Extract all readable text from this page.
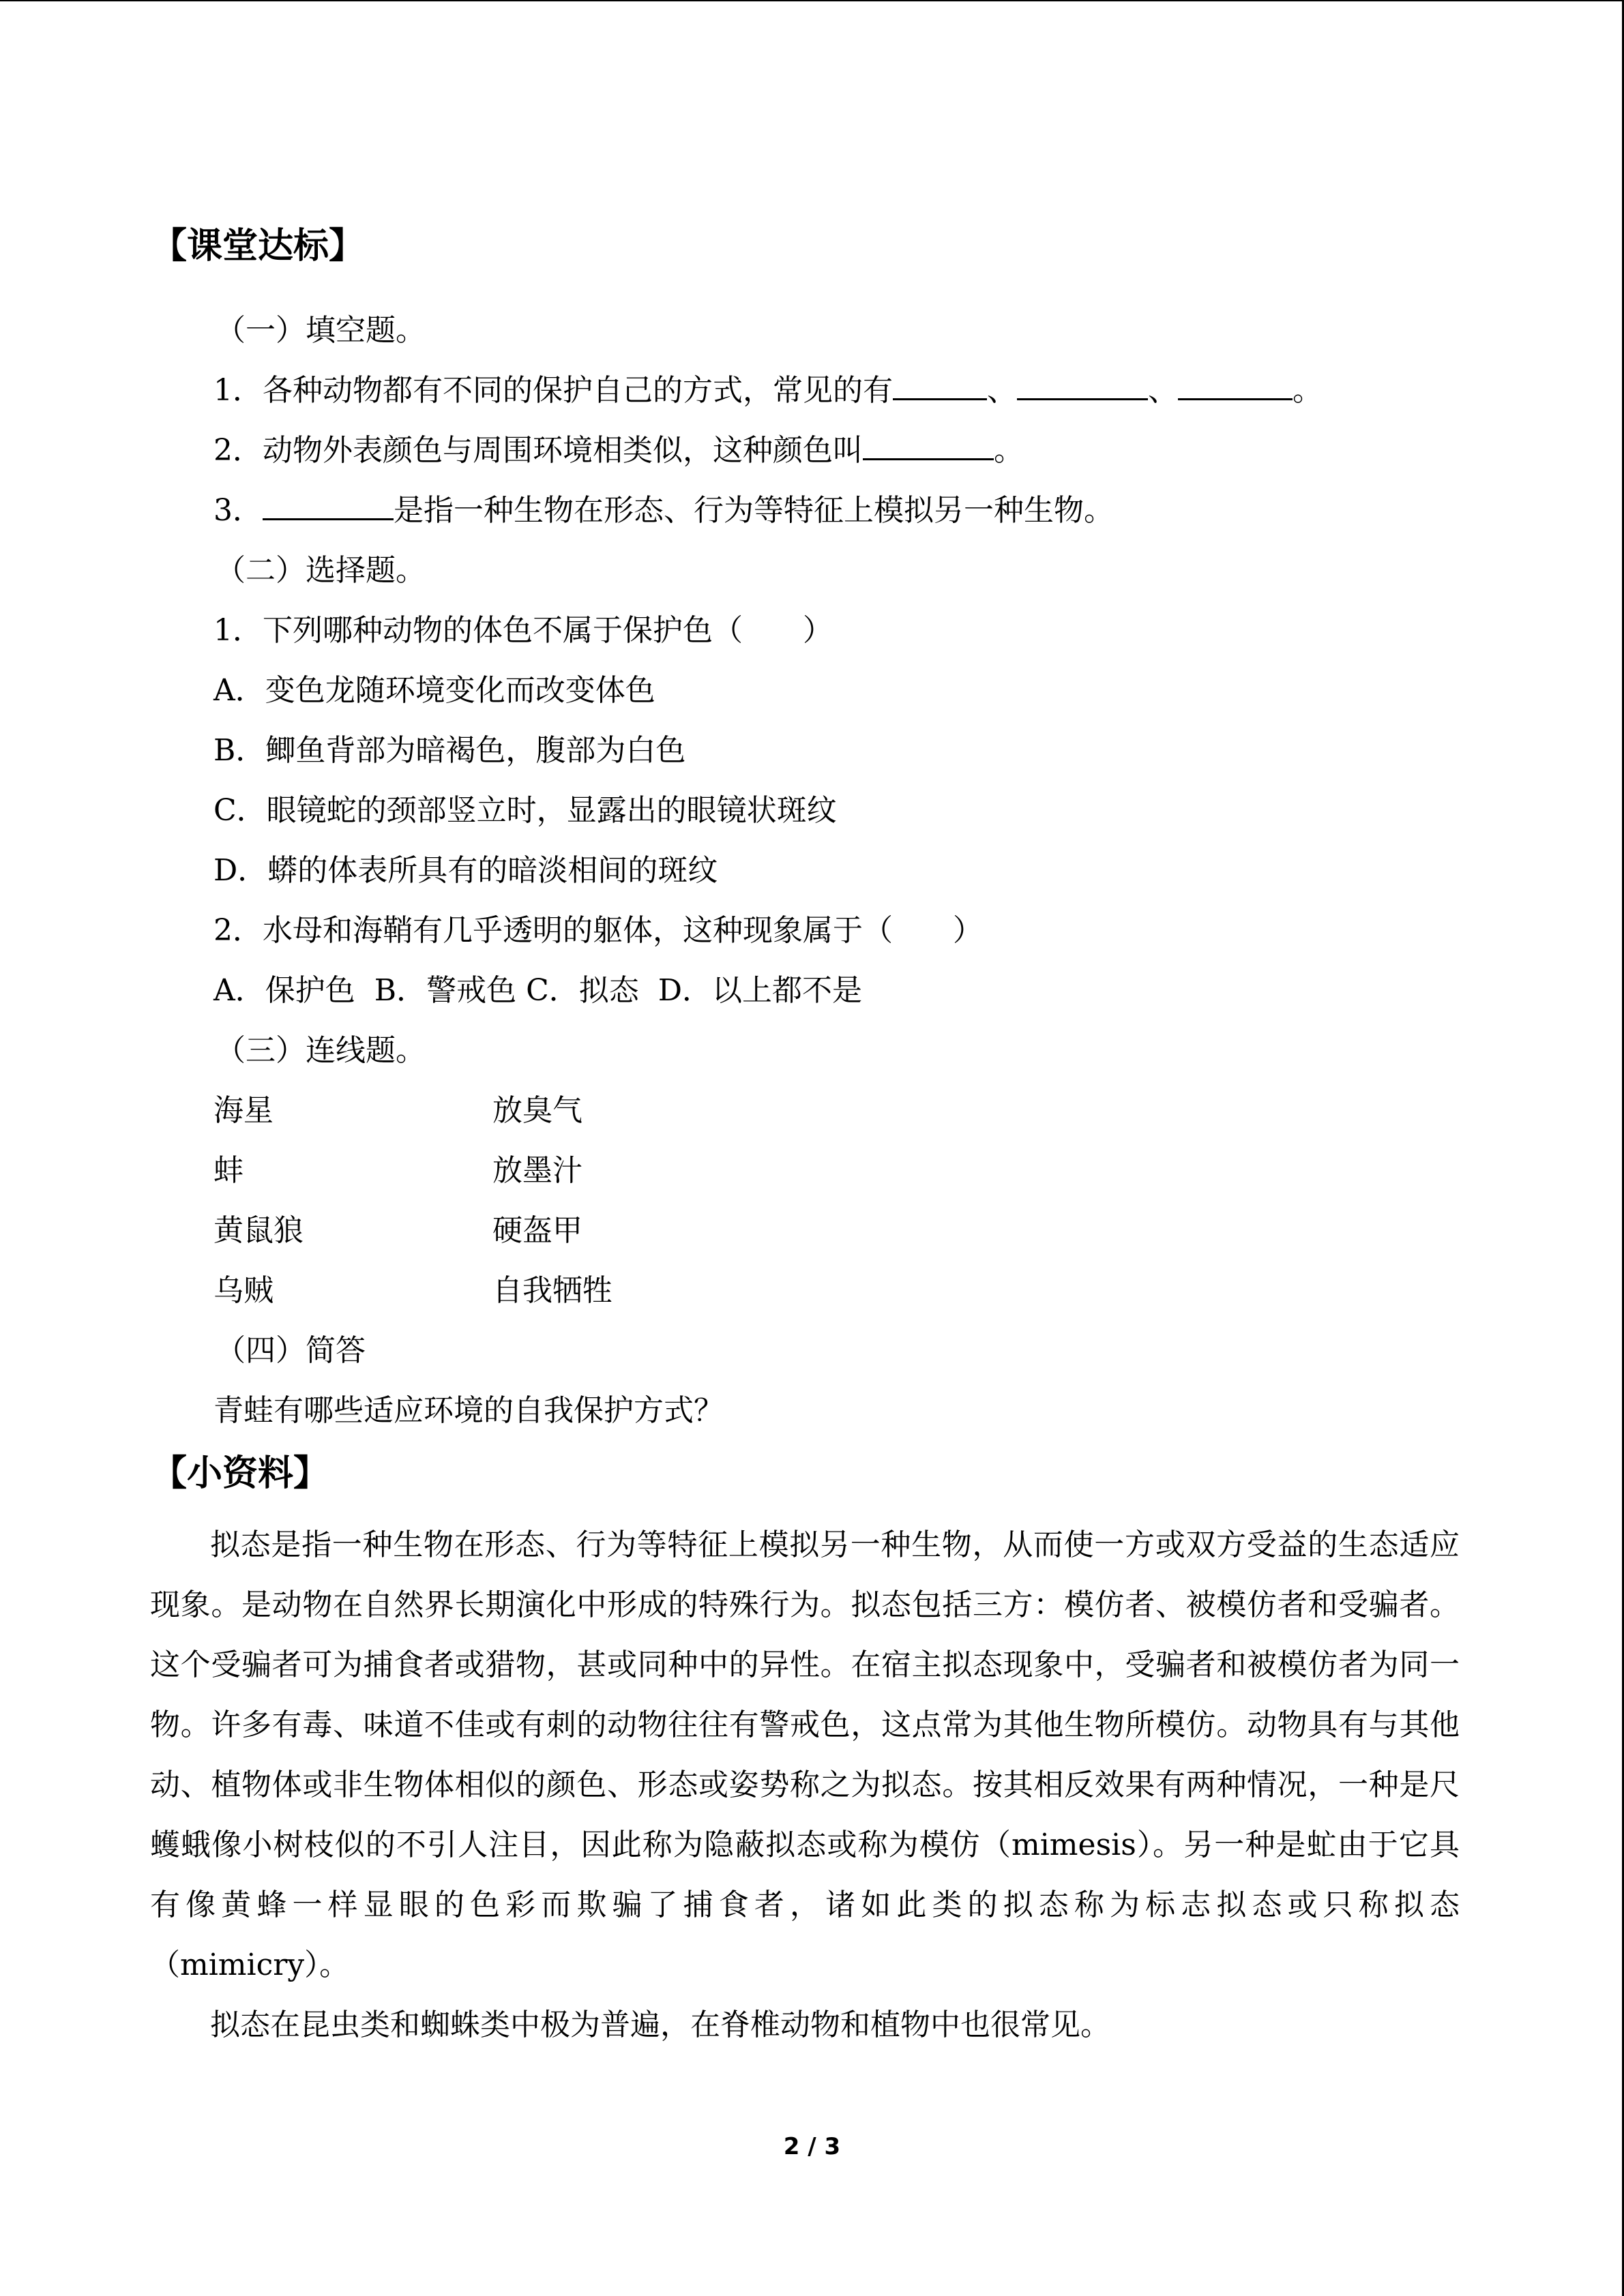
【课堂达标】
（一）填空题。
1．各种动物都有不同的保护自己的方式，常见的有	、	、	。
2．动物外表颜色与周围环境相类似，这种颜色叫	。
3．	是指一种生物在形态、行为等特征上模拟另一种生物。
（二）选择题。
1．下列哪种动物的体色不属于保护色（　　）
A．变色龙随环境变化而改变体色
B．鲫鱼背部为暗褐色，腹部为白色
C．眼镜蛇的颈部竖立时，显露出的眼镜状斑纹
D．蟒的体表所具有的暗淡相间的斑纹
2．水母和海鞘有几乎透明的躯体，这种现象属于（　　）
A．保护色  B．警戒色 C．拟态  D．以上都不是
（三）连线题。
海星	放臭气
蚌	放墨汁
黄鼠狼	硬盔甲
乌贼	自我牺牲
（四）简答
青蛙有哪些适应环境的自我保护方式？
【小资料】
拟态是指一种生物在形态、行为等特征上模拟另一种生物，从而使一方或双方受益的生态适应现象。是动物在自然界长期演化中形成的特殊行为。拟态包括三方：模仿者、被模仿者和受骗者。这个受骗者可为捕食者或猎物，甚或同种中的异性。在宿主拟态现象中，受骗者和被模仿者为同一物。许多有毒、味道不佳或有刺的动物往往有警戒色，这点常为其他生物所模仿。动物具有与其他动、植物体或非生物体相似的颜色、形态或姿势称之为拟态。按其相反效果有两种情况，一种是尺蠖蛾像小树枝似的不引人注目，因此称为隐蔽拟态或称为模仿（mimesis）。另一种是虻由于它具有像黄蜂一样显眼的色彩而欺骗了捕食者，诸如此类的拟态称为标志拟态或只称拟态（mimicry）。
拟态在昆虫类和蜘蛛类中极为普遍，在脊椎动物和植物中也很常见。
2 / 3
